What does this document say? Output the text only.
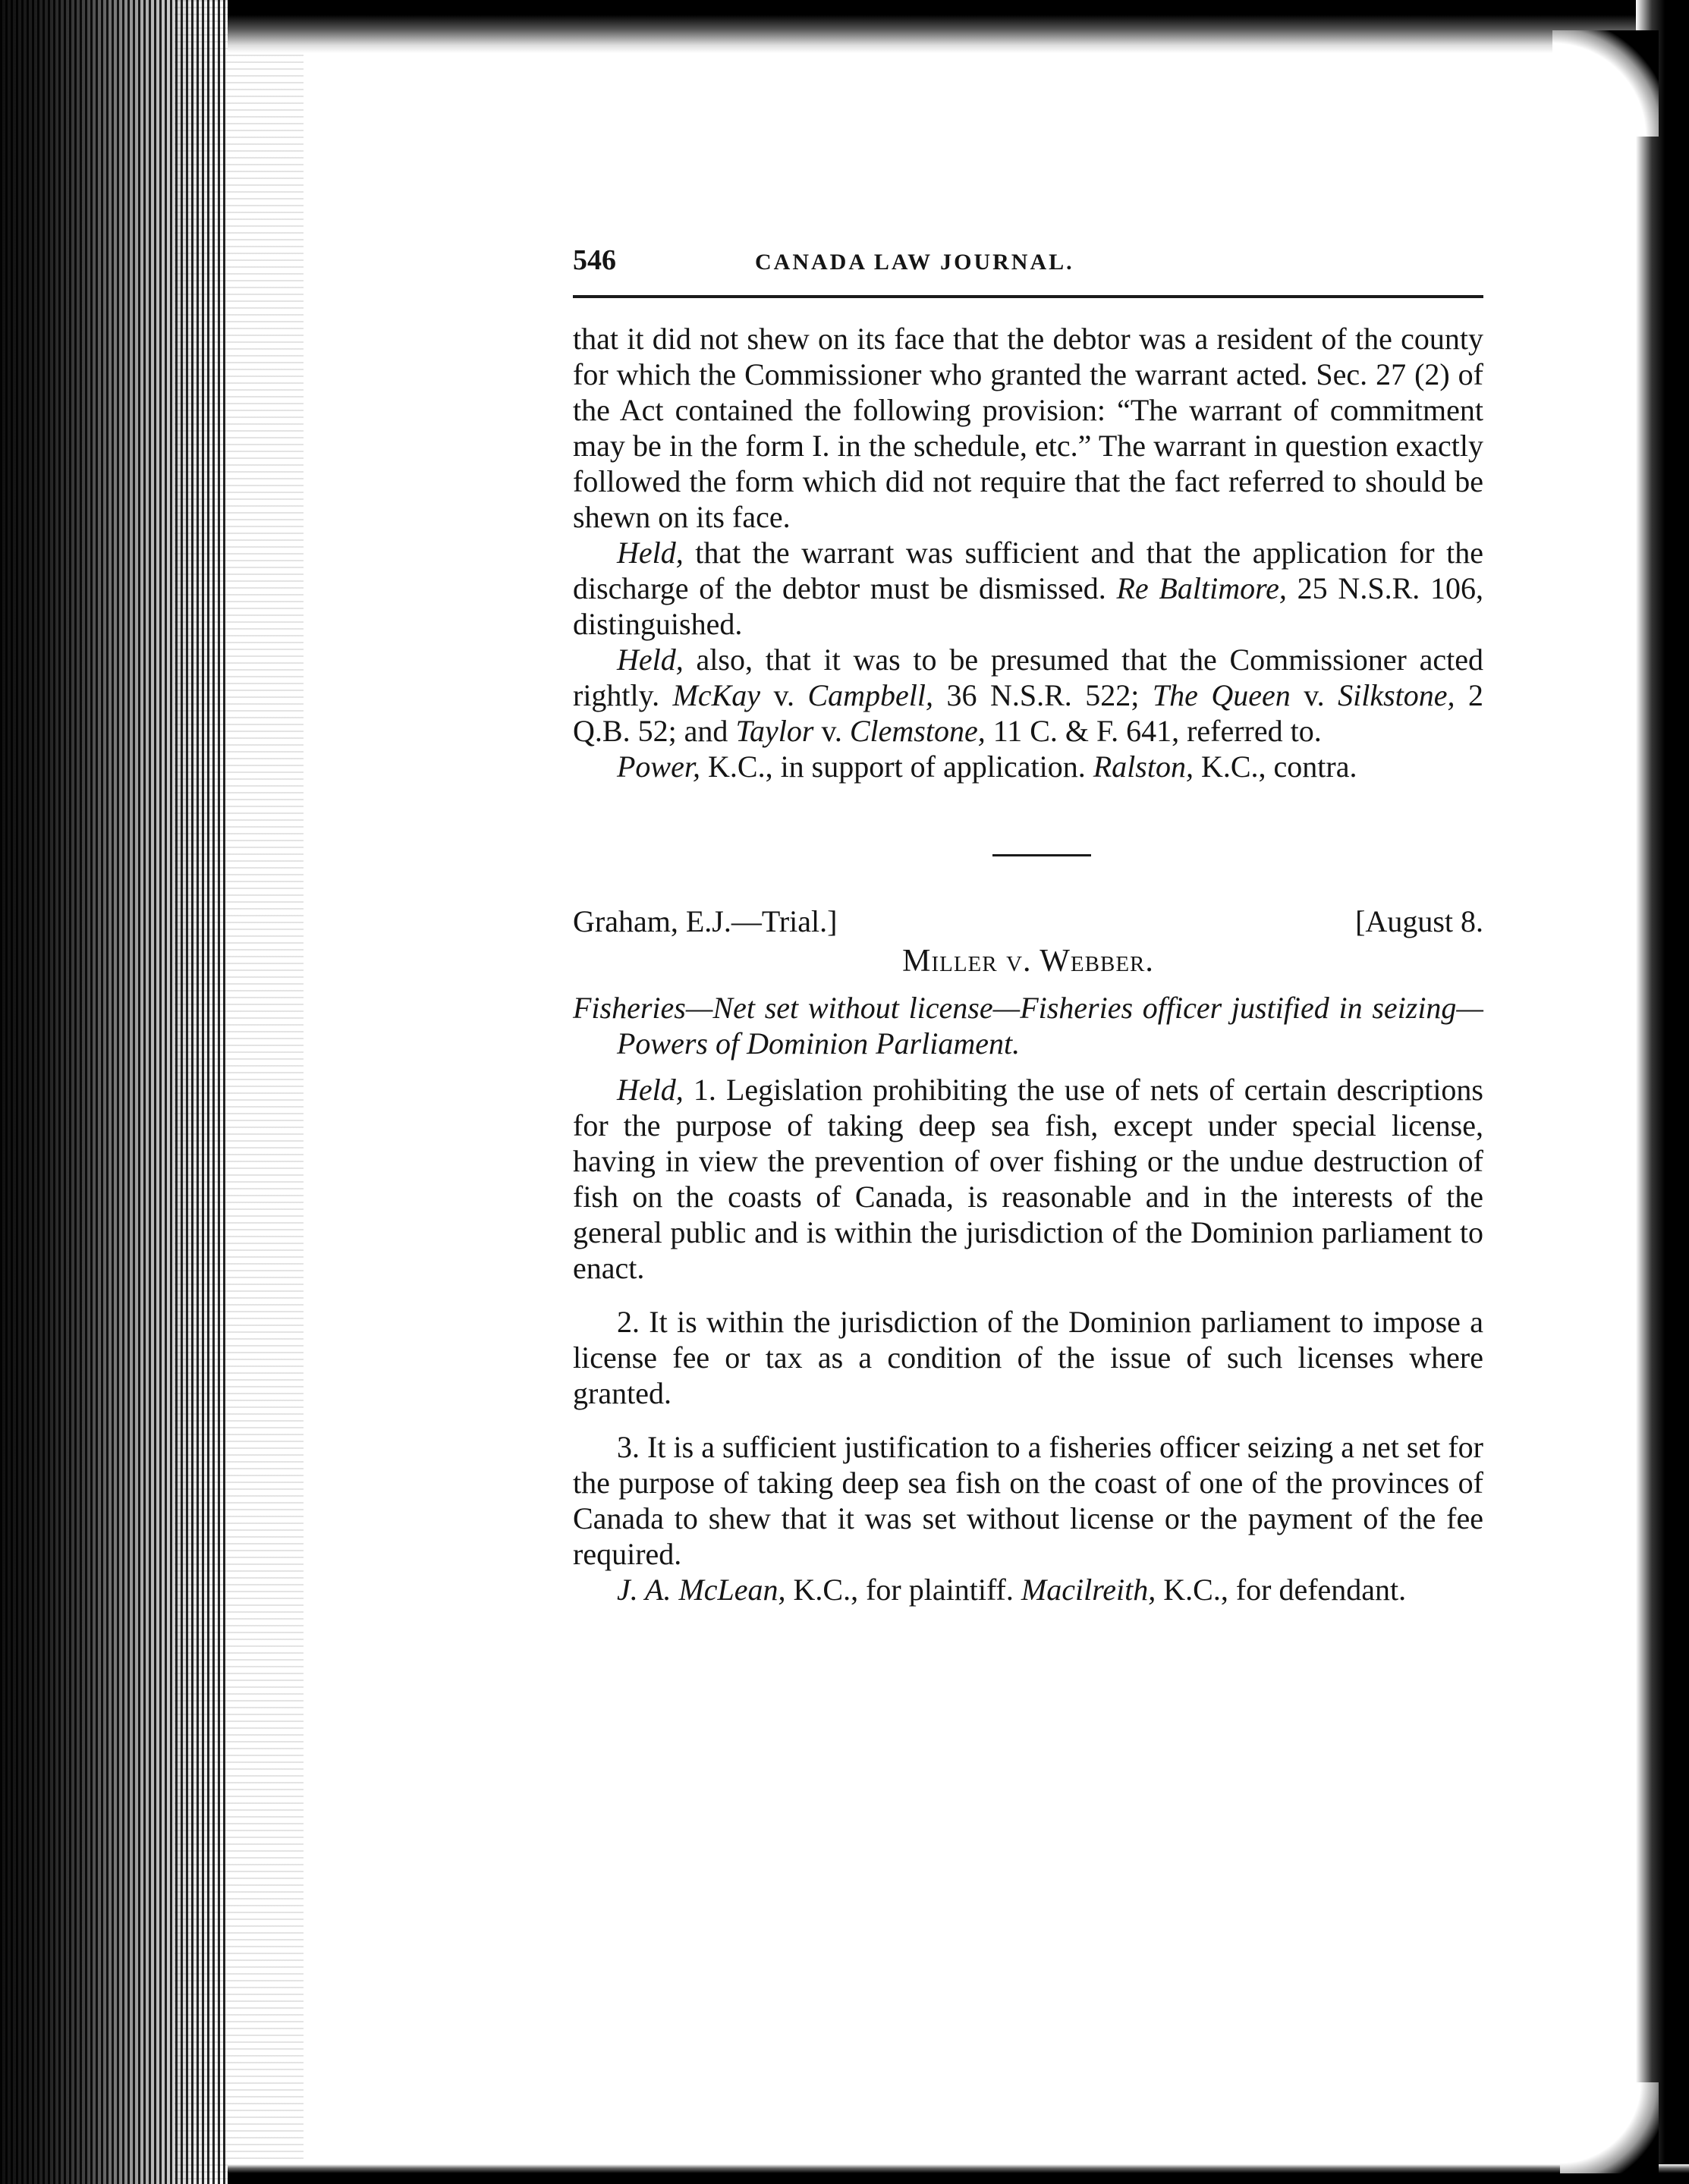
546	CANADA LAW JOURNAL.

that it did not shew on its face that the debtor was a resident of the county for which the Commissioner who granted the warrant acted. Sec. 27 (2) of the Act contained the following provision: “The warrant of commitment may be in the form I. in the schedule, etc.” The warrant in question exactly followed the form which did not require that the fact referred to should be shewn on its face.

Held, that the warrant was sufficient and that the application for the discharge of the debtor must be dismissed. Re Baltimore, 25 N.S.R. 106, distinguished.

Held, also, that it was to be presumed that the Commissioner acted rightly. McKay v. Campbell, 36 N.S.R. 522; The Queen v. Silkstone, 2 Q.B. 52; and Taylor v. Clemstone, 11 C. & F. 641, referred to.

Power, K.C., in support of application. Ralston, K.C., contra.

Graham, E.J.—Trial.]	[August 8.
Miller v. Webber.

Fisheries—Net set without license—Fisheries officer justified in seizing—Powers of Dominion Parliament.

Held, 1. Legislation prohibiting the use of nets of certain descriptions for the purpose of taking deep sea fish, except under special license, having in view the prevention of over fishing or the undue destruction of fish on the coasts of Canada, is reasonable and in the interests of the general public and is within the jurisdiction of the Dominion parliament to enact.

2. It is within the jurisdiction of the Dominion parliament to impose a license fee or tax as a condition of the issue of such licenses where granted.

3. It is a sufficient justification to a fisheries officer seizing a net set for the purpose of taking deep sea fish on the coast of one of the provinces of Canada to shew that it was set without license or the payment of the fee required.

J. A. McLean, K.C., for plaintiff. Macilreith, K.C., for defendant.
